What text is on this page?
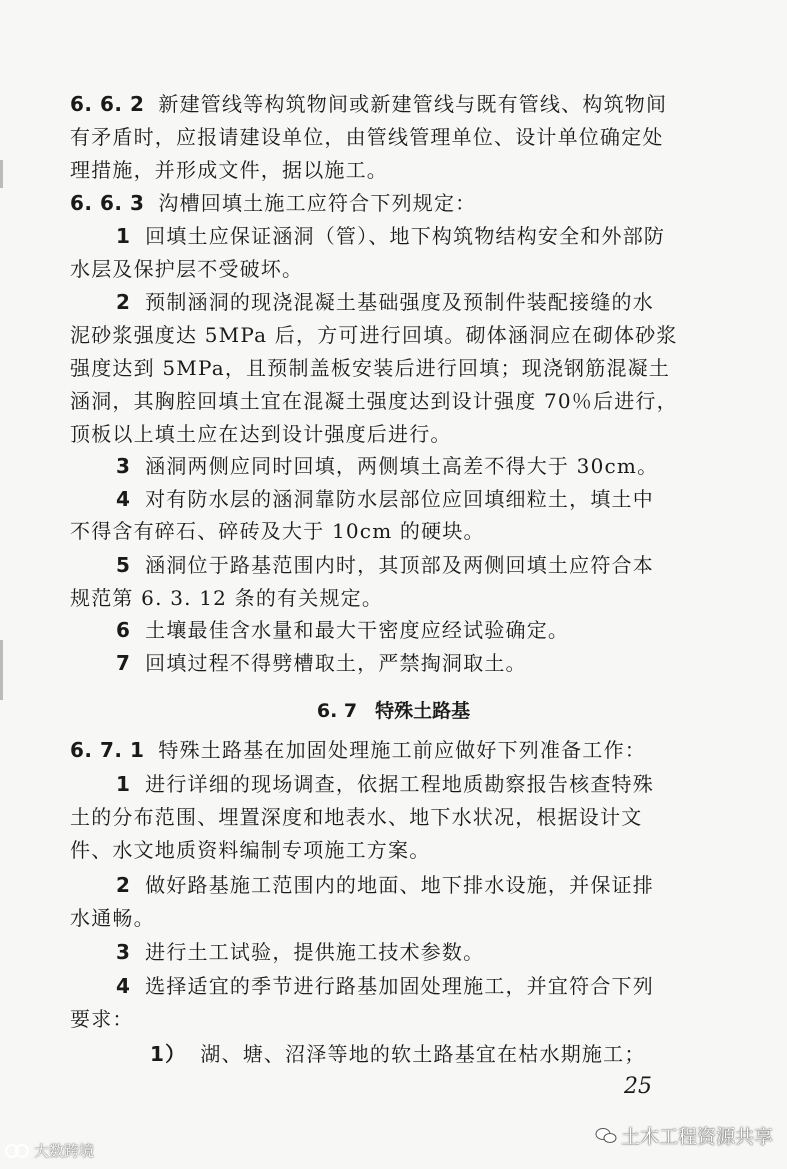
6. 6. 2 新建管线等构筑物间或新建管线与既有管线、构筑物间
有矛盾时，应报请建设单位，由管线管理单位、设计单位确定处
理措施，并形成文件，据以施工。
6. 6. 3 沟槽回填土施工应符合下列规定：
1 回填土应保证涵洞（管）、地下构筑物结构安全和外部防
水层及保护层不受破坏。
2 预制涵洞的现浇混凝土基础强度及预制件装配接缝的水
泥砂浆强度达 5MPa 后，方可进行回填。砌体涵洞应在砌体砂浆
强度达到 5MPa，且预制盖板安装后进行回填；现浇钢筋混凝土
涵洞，其胸腔回填土宜在混凝土强度达到设计强度 70％后进行，
顶板以上填土应在达到设计强度后进行。
3 涵洞两侧应同时回填，两侧填土高差不得大于 30cm。
4 对有防水层的涵洞靠防水层部位应回填细粒土，填土中
不得含有碎石、碎砖及大于 10cm 的硬块。
5 涵洞位于路基范围内时，其顶部及两侧回填土应符合本
规范第 6. 3. 12 条的有关规定。
6 土壤最佳含水量和最大干密度应经试验确定。
7 回填过程不得劈槽取土，严禁掏洞取土。
6. 7 特殊土路基
6. 7. 1 特殊土路基在加固处理施工前应做好下列准备工作：
1 进行详细的现场调查，依据工程地质勘察报告核查特殊
土的分布范围、埋置深度和地表水、地下水状况，根据设计文
件、水文地质资料编制专项施工方案。
2 做好路基施工范围内的地面、地下排水设施，并保证排
水通畅。
3 进行土工试验，提供施工技术参数。
25
土木工程资源共享
大数跨境
4 选择适宜的季节进行路基加固处理施工，并宜符合下列
要求：
1） 湖、塘、沼泽等地的软土路基宜在枯水期施工；
